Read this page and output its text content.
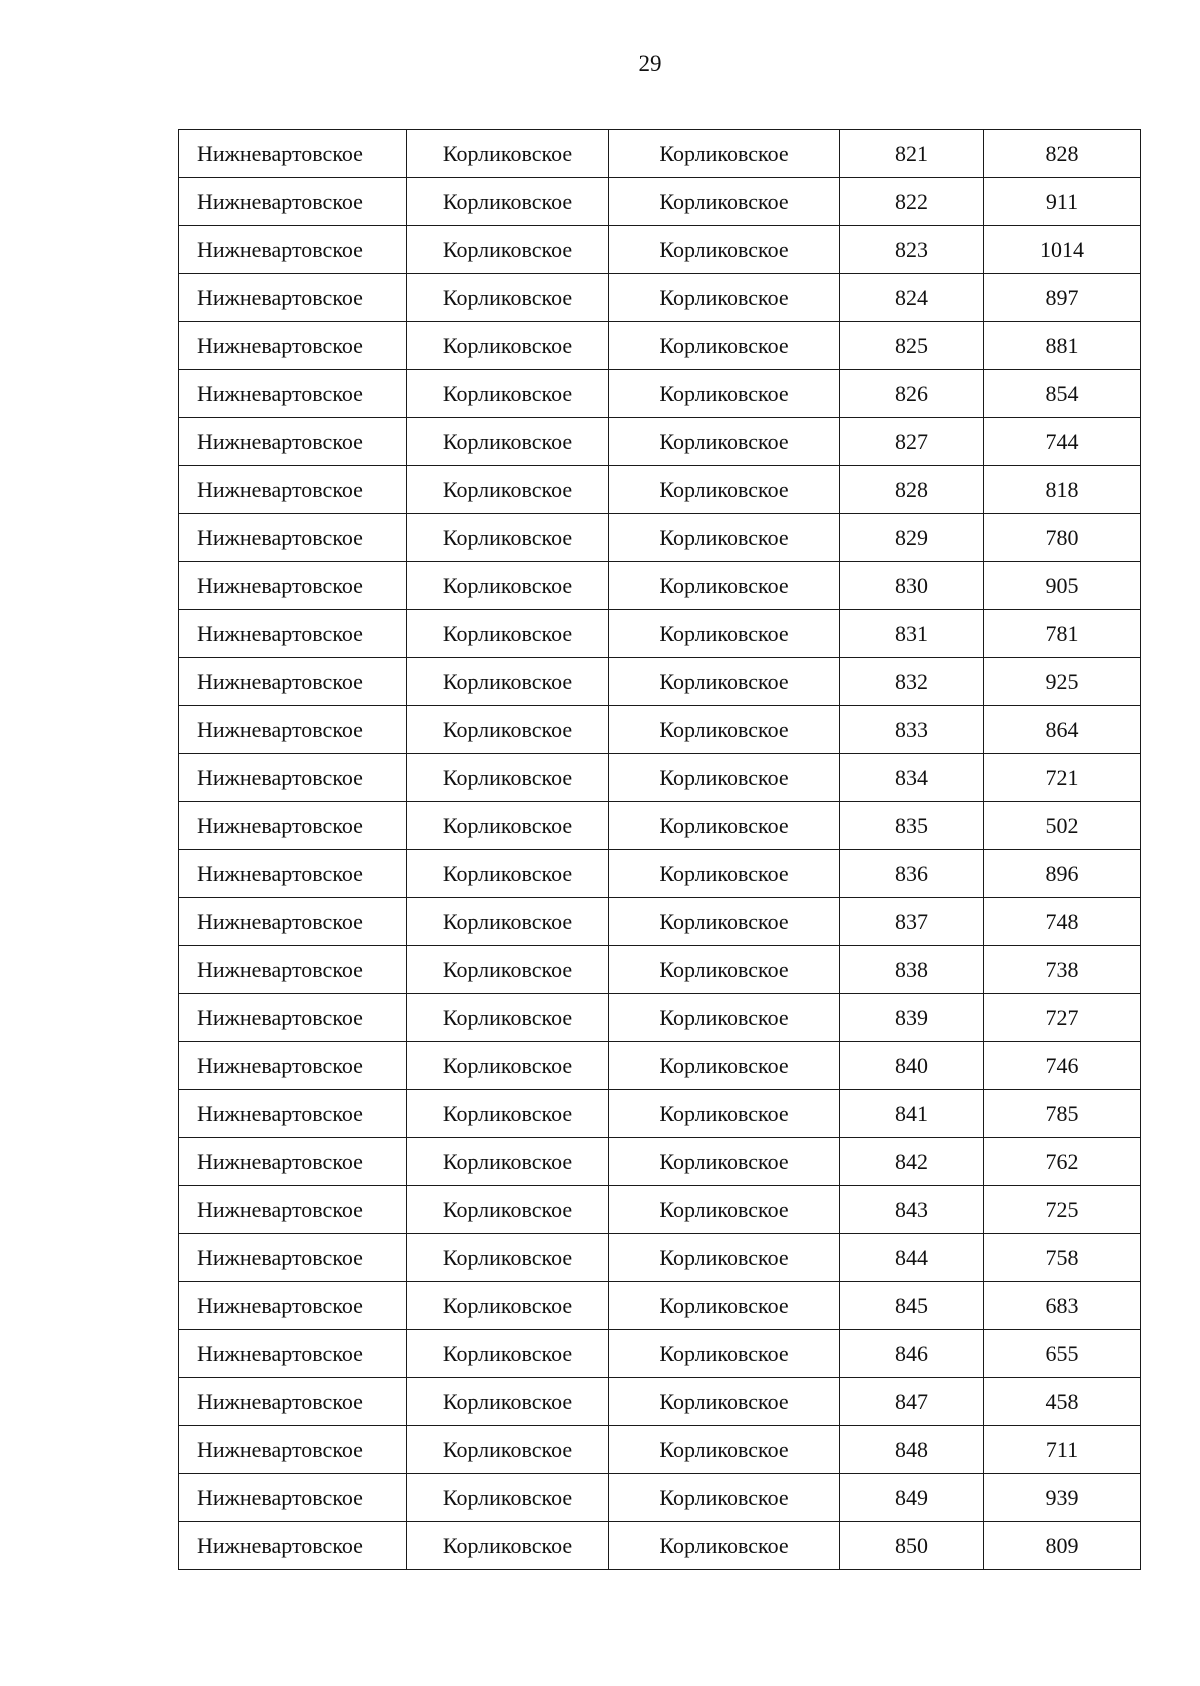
29
Нижневартовское	Корликовское	Корликовское	821	828
Нижневартовское	Корликовское	Корликовское	822	911
Нижневартовское	Корликовское	Корликовское	823	1014
Нижневартовское	Корликовское	Корликовское	824	897
Нижневартовское	Корликовское	Корликовское	825	881
Нижневартовское	Корликовское	Корликовское	826	854
Нижневартовское	Корликовское	Корликовское	827	744
Нижневартовское	Корликовское	Корликовское	828	818
Нижневартовское	Корликовское	Корликовское	829	780
Нижневартовское	Корликовское	Корликовское	830	905
Нижневартовское	Корликовское	Корликовское	831	781
Нижневартовское	Корликовское	Корликовское	832	925
Нижневартовское	Корликовское	Корликовское	833	864
Нижневартовское	Корликовское	Корликовское	834	721
Нижневартовское	Корликовское	Корликовское	835	502
Нижневартовское	Корликовское	Корликовское	836	896
Нижневартовское	Корликовское	Корликовское	837	748
Нижневартовское	Корликовское	Корликовское	838	738
Нижневартовское	Корликовское	Корликовское	839	727
Нижневартовское	Корликовское	Корликовское	840	746
Нижневартовское	Корликовское	Корликовское	841	785
Нижневартовское	Корликовское	Корликовское	842	762
Нижневартовское	Корликовское	Корликовское	843	725
Нижневартовское	Корликовское	Корликовское	844	758
Нижневартовское	Корликовское	Корликовское	845	683
Нижневартовское	Корликовское	Корликовское	846	655
Нижневартовское	Корликовское	Корликовское	847	458
Нижневартовское	Корликовское	Корликовское	848	711
Нижневартовское	Корликовское	Корликовское	849	939
Нижневартовское	Корликовское	Корликовское	850	809
